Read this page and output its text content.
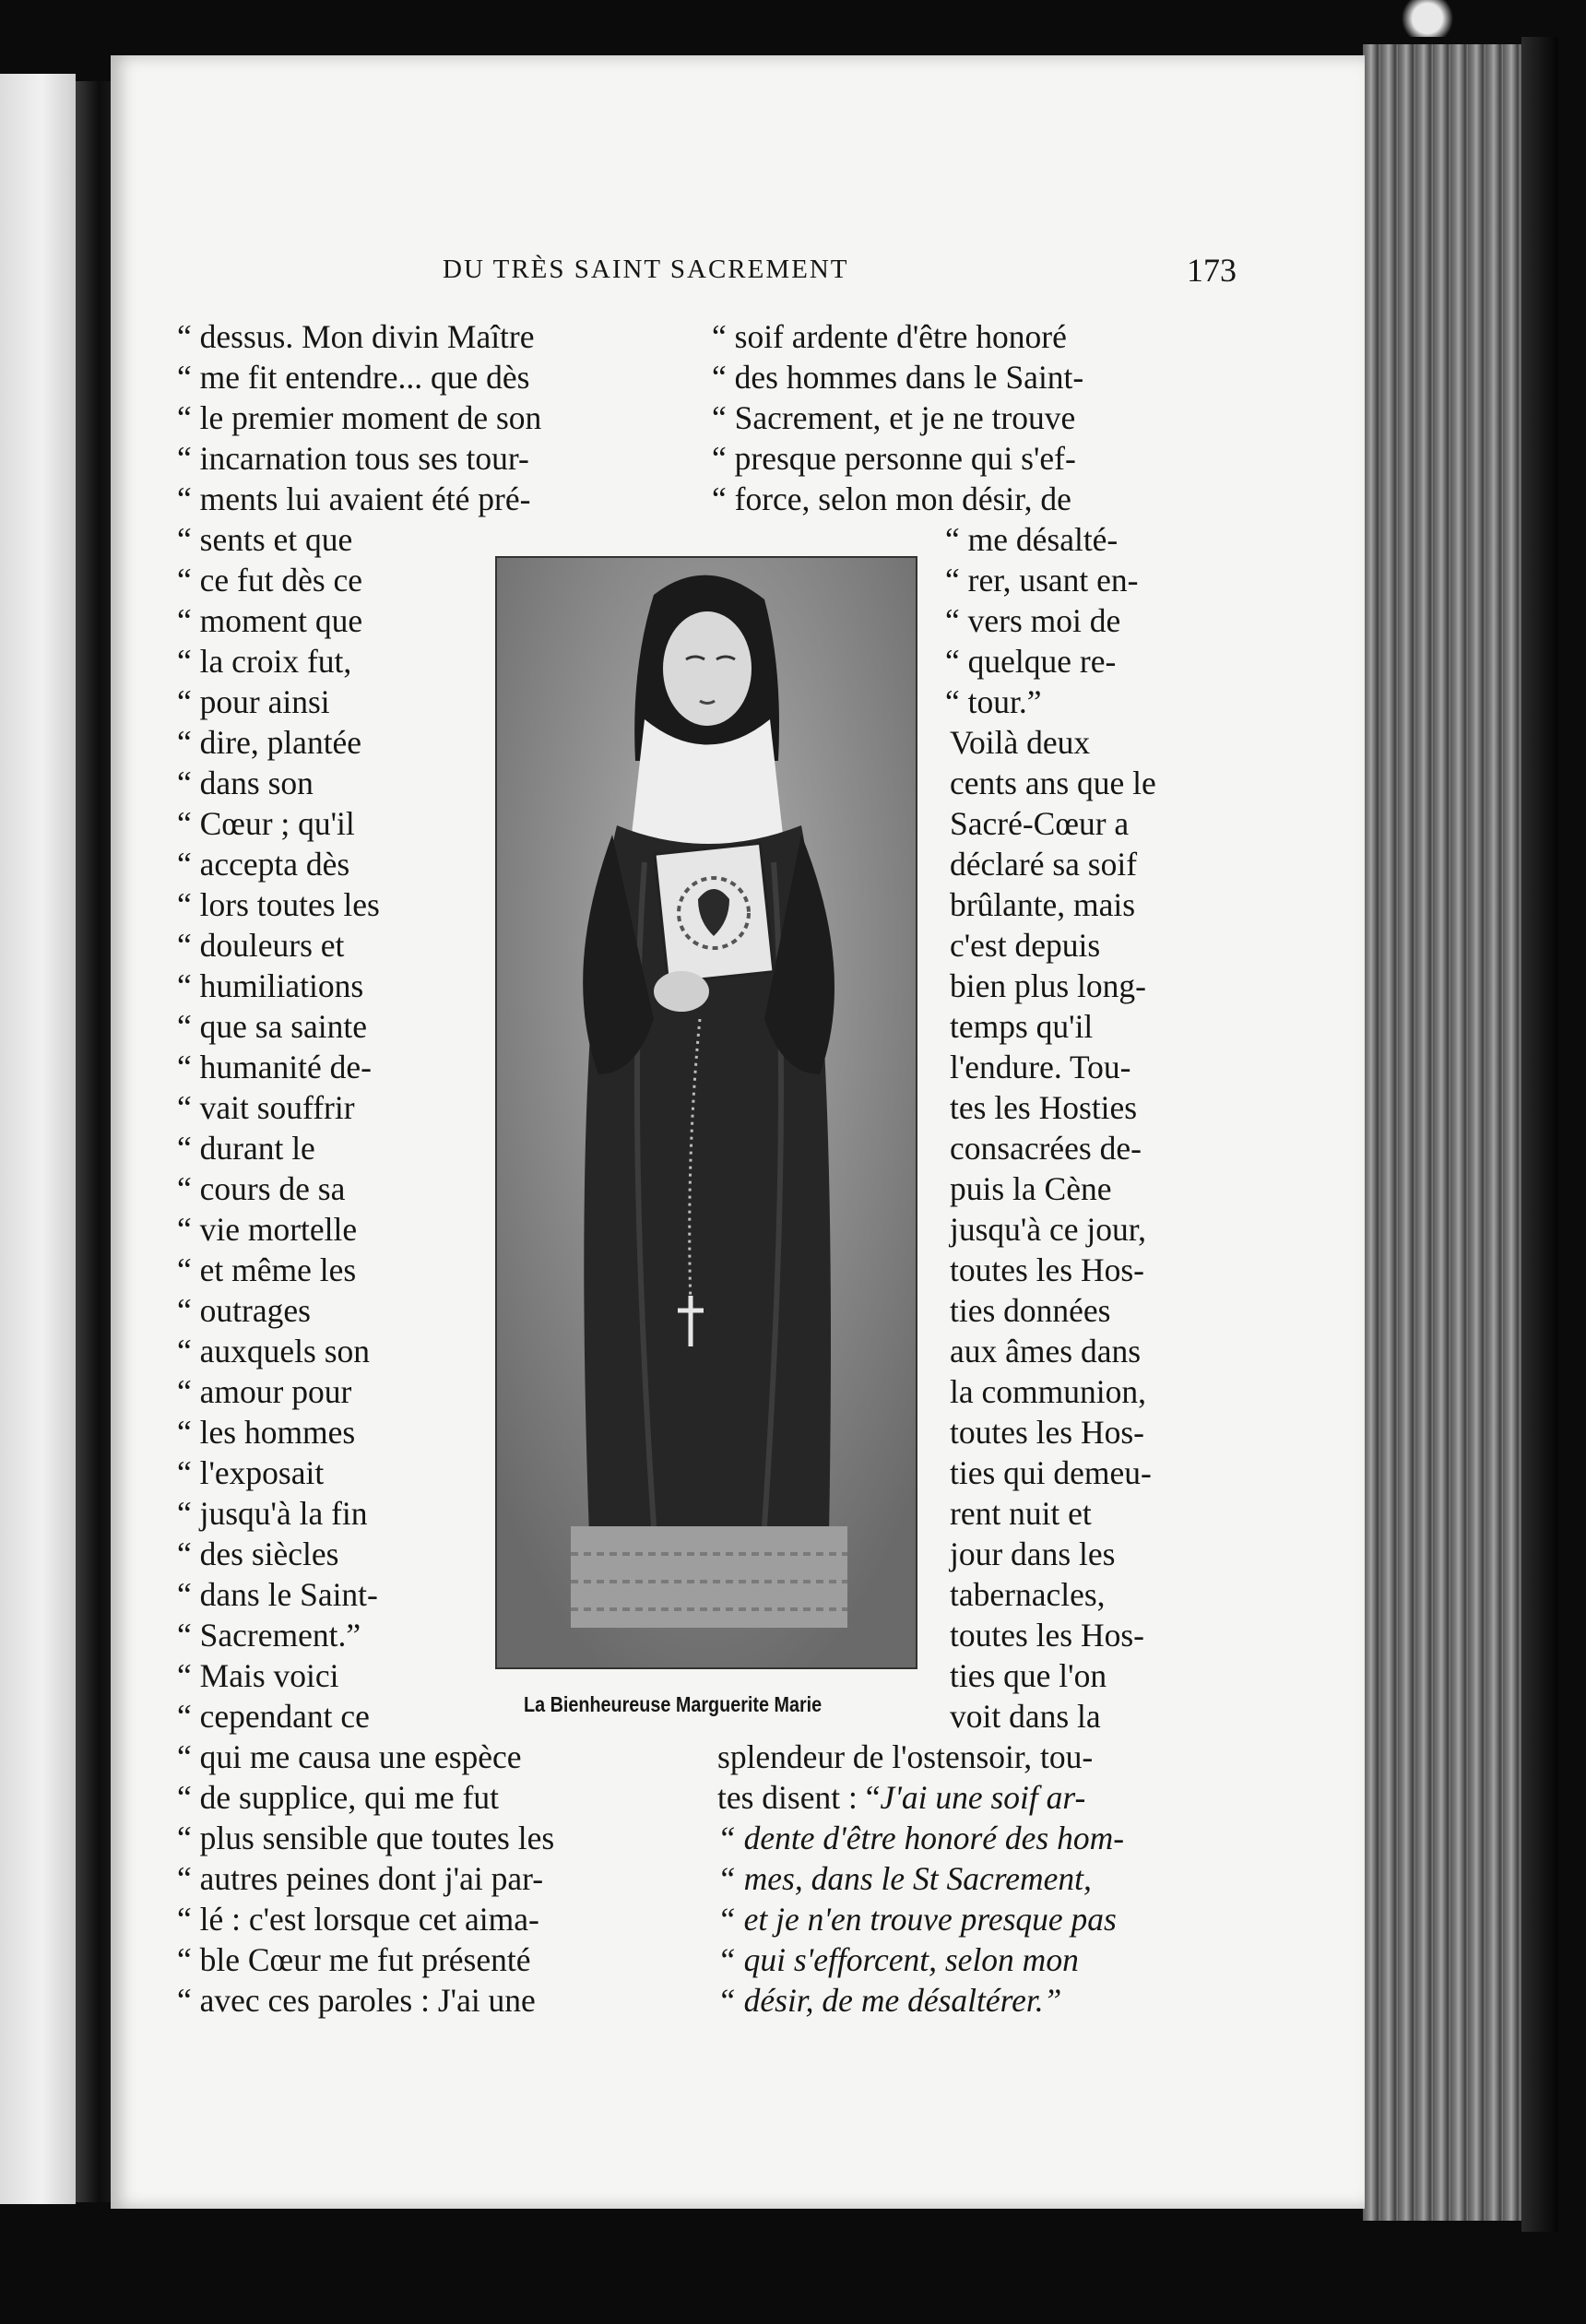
DU TRÈS SAINT SACREMENT	173

“ dessus. Mon divin Maître

“ me fit entendre... que dès

“ le premier moment de son

“ incarnation tous ses tour-

“ ments lui avaient été pré-

“ sents et que

“ ce fut dès ce

“ moment que

“ la croix fut,

“ pour ainsi

“ dire, plantée

“ dans son

“ Cœur ; qu'il

“ accepta dès

“ lors toutes les

“ douleurs et

“ humiliations

“ que sa sainte

“ humanité de-

“ vait souffrir

“ durant le

“ cours de sa

“ vie mortelle

“ et même les

“ outrages

“ auxquels son

“ amour pour

“ les hommes

“ l'exposait

“ jusqu'à la fin

“ des siècles

“ dans le Saint-

“ Sacrement.”

“ Mais voici

“ cependant ce

“ qui me causa une espèce

“ de supplice, qui me fut

“ plus sensible que toutes les

“ autres peines dont j'ai par-

“ lé : c'est lorsque cet aima-

“ ble Cœur me fut présenté

“ avec ces paroles : J'ai une

“ soif ardente d'être honoré

“ des hommes dans le Saint-

“ Sacrement, et je ne trouve

“ presque personne qui s'ef-

“ force, selon mon désir, de

“ me désalté-

“ rer, usant en-

“ vers moi de

“ quelque re-

“ tour.”

Voilà deux

cents ans que le

Sacré-Cœur a

déclaré sa soif

brûlante, mais

c'est depuis

bien plus long-

temps qu'il

l'endure. Tou-

tes les Hosties

consacrées de-

puis la Cène

jusqu'à ce jour,

toutes les Hos-

ties données

aux âmes dans

la communion,

toutes les Hos-

ties qui demeu-

rent nuit et

jour dans les

tabernacles,

toutes les Hos-

ties que l'on

voit dans la

splendeur de l'ostensoir, tou-

tes disent : “J'ai une soif ar-

“ dente d'être honoré des hom-

“ mes, dans le St Sacrement,

“ et je n'en trouve presque pas

“ qui s'efforcent, selon mon

“ désir, de me désaltérer.”

La Bienheureuse Marguerite Marie
